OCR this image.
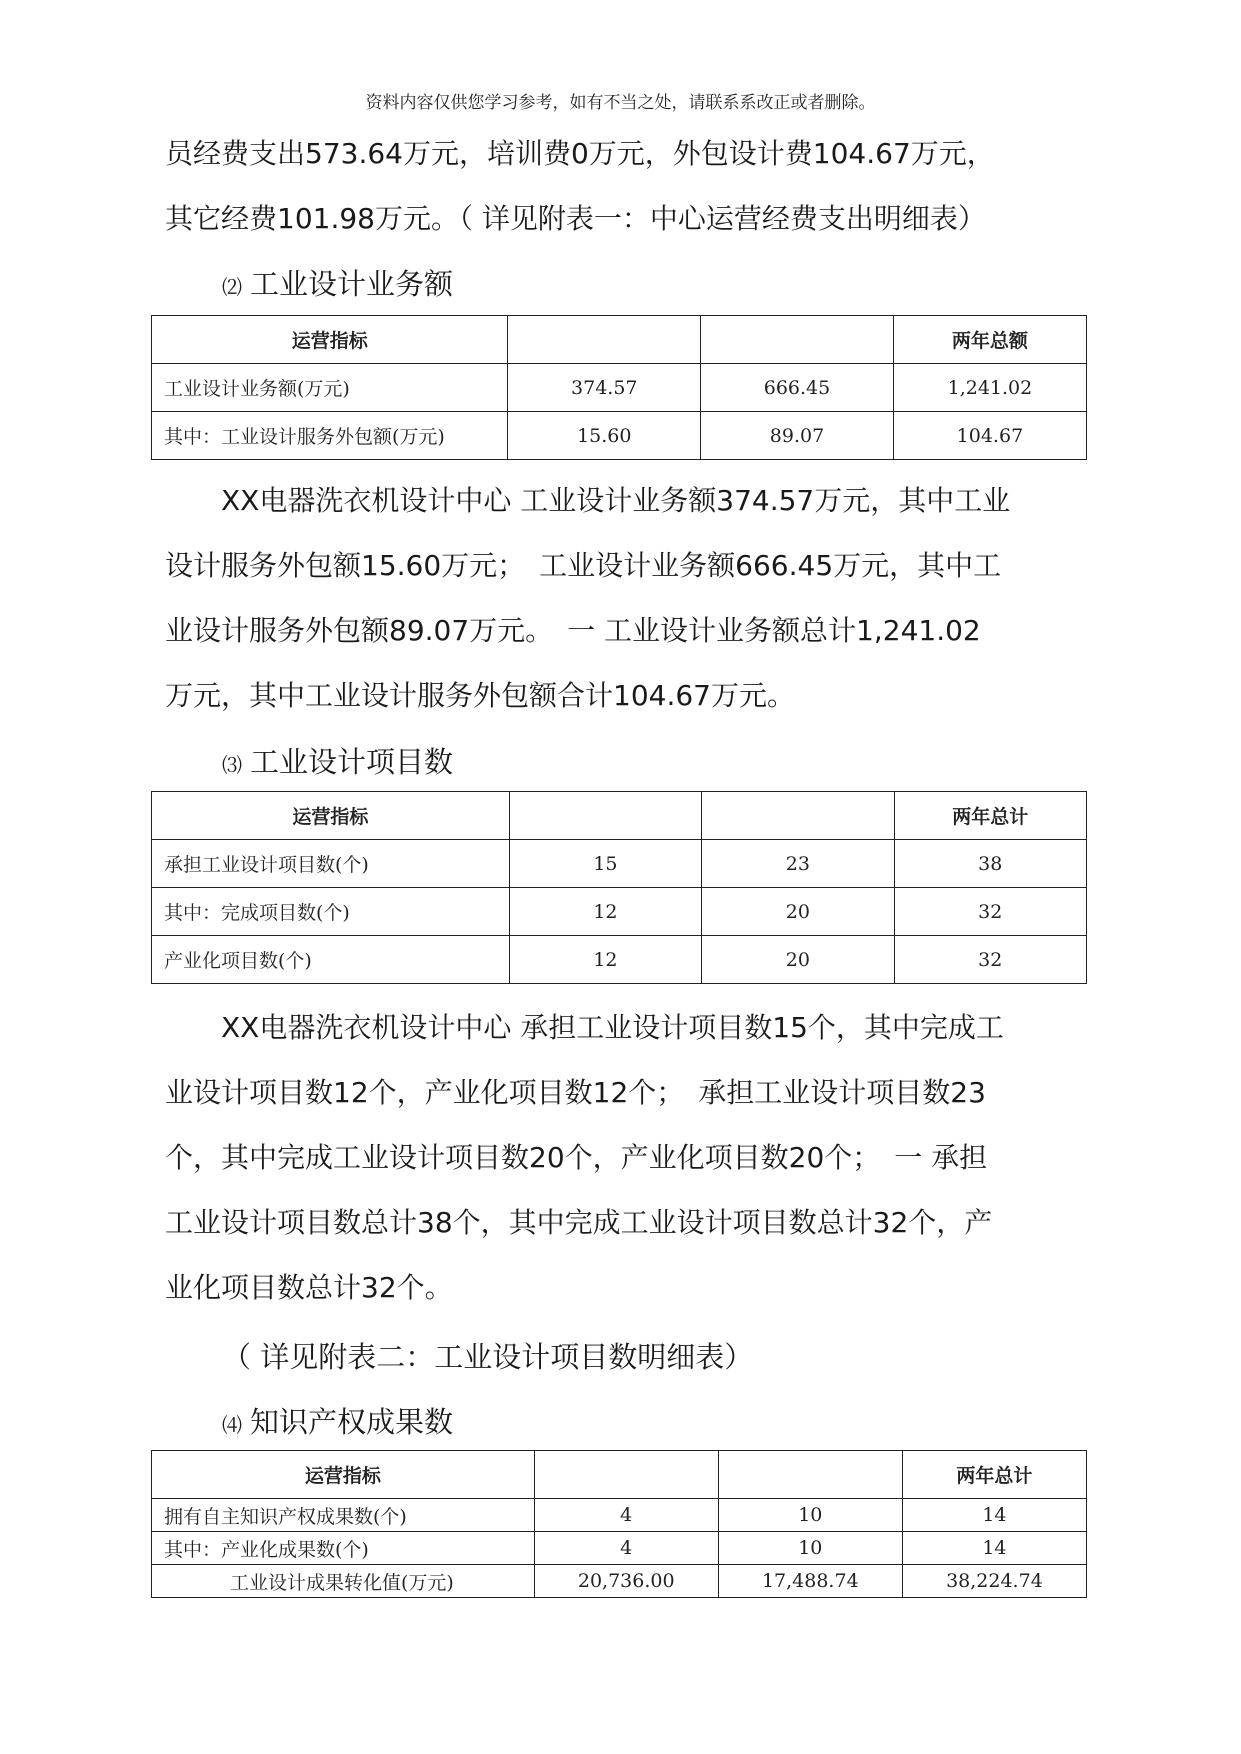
资料内容仅供您学习参考，如有不当之处，请联系系改正或者删除。

员经费支出573.64万元，培训费0万元，外包设计费104.67万元，

其它经费101.98万元。（ 详见附表一：中心运营经费支出明细表）

⑵ 工业设计业务额
运营指标			两年总额
工业设计业务额(万元)	374.57	666.45	1,241.02
其中：工业设计服务外包额(万元)	15.60	89.07	104.67

XX电器洗衣机设计中心 工业设计业务额374.57万元，其中工业

设计服务外包额15.60万元；　工业设计业务额666.45万元，其中工

业设计服务外包额89.07万元。　一 工业设计业务额总计1,241.02

万元，其中工业设计服务外包额合计104.67万元。

⑶ 工业设计项目数
运营指标			两年总计
承担工业设计项目数(个)	15	23	38
其中：完成项目数(个)	12	20	32
产业化项目数(个)	12	20	32

XX电器洗衣机设计中心 承担工业设计项目数15个，其中完成工

业设计项目数12个，产业化项目数12个；　承担工业设计项目数23

个，其中完成工业设计项目数20个，产业化项目数20个；　一 承担

工业设计项目数总计38个，其中完成工业设计项目数总计32个，产

业化项目数总计32个。

（ 详见附表二：工业设计项目数明细表）
⑷ 知识产权成果数
运营指标			两年总计
拥有自主知识产权成果数(个)	4	10	14
其中：产业化成果数(个)	4	10	14
工业设计成果转化值(万元)	20,736.00	17,488.74	38,224.74
